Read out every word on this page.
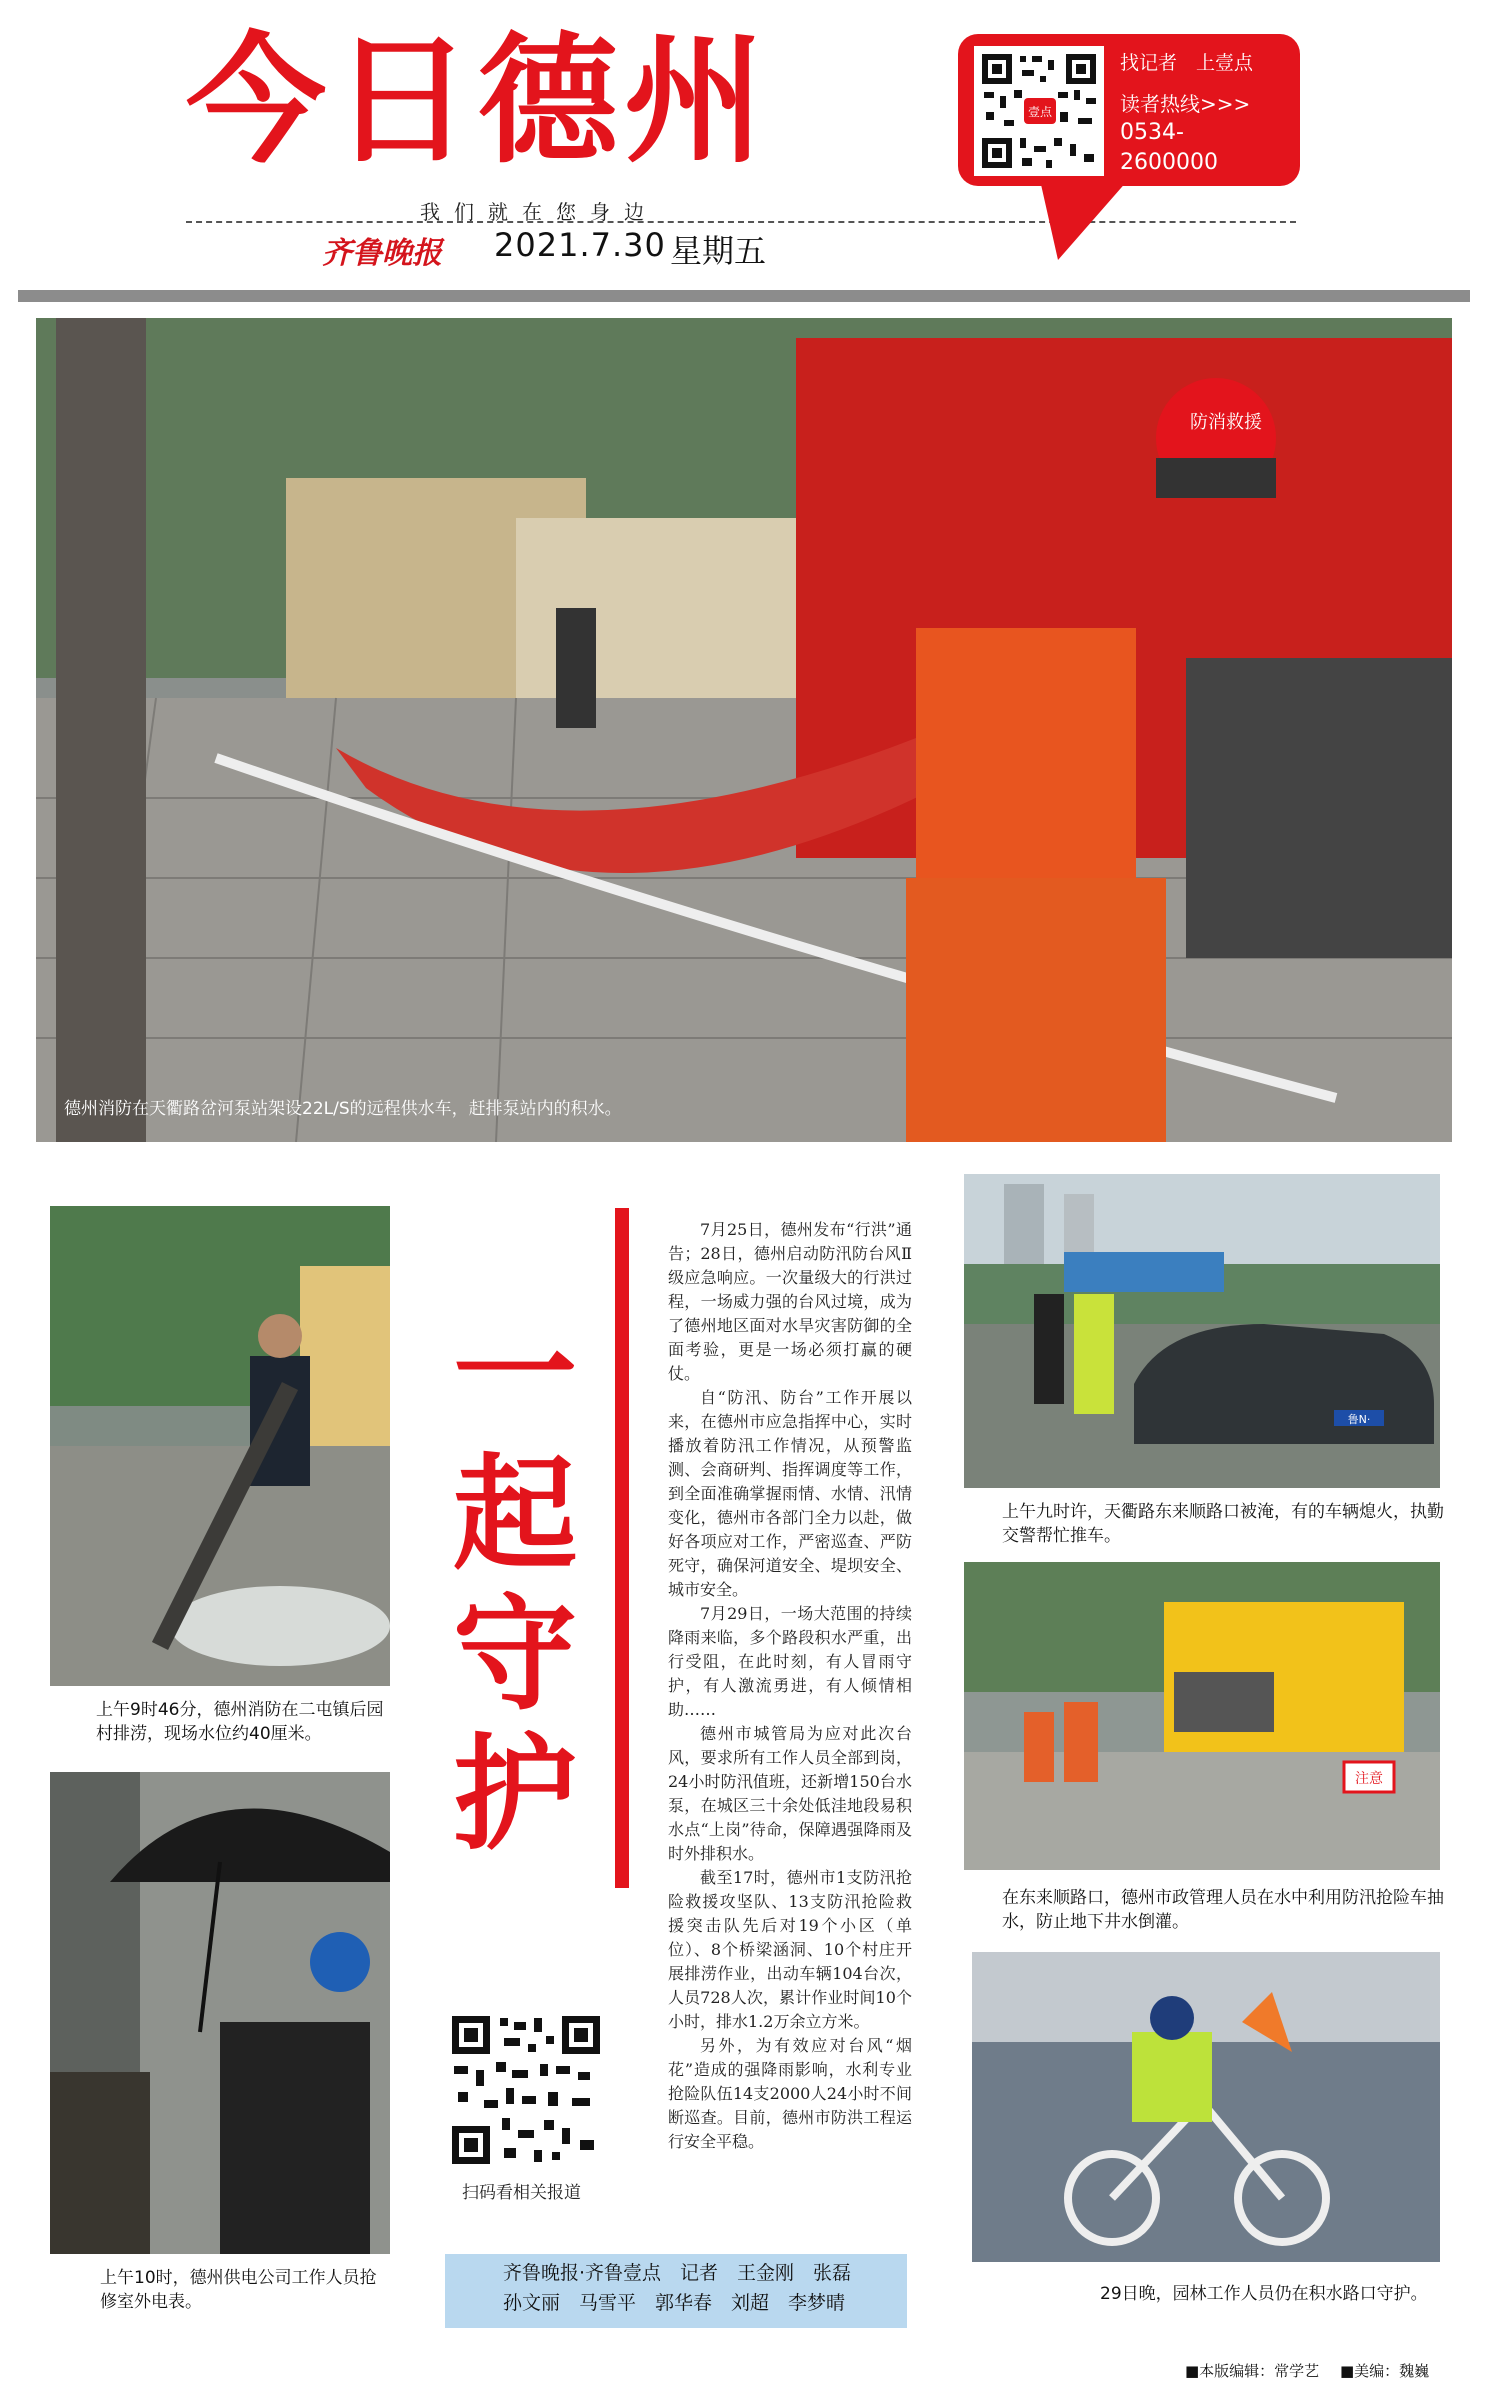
今日德州
我们就在您身边
齐鲁晚报 2021.7.30 星期五
壹点
找记者　上壹点
读者热线>>>
0534-
2600000
防消救援
德州消防在天衢路岔河泵站架设22L/S的远程供水车，赶排泵站内的积水。
上午9时46分，德州消防在二屯镇后园村排涝，现场水位约40厘米。
上午10时，德州供电公司工作人员抢修室外电表。
一
起
守
护

7月25日，德州发布“行洪”通告；28日，德州启动防汛防台风Ⅱ级应急响应。一次量级大的行洪过程，一场威力强的台风过境，成为了德州地区面对水旱灾害防御的全面考验，更是一场必须打赢的硬仗。

自“防汛、防台”工作开展以来，在德州市应急指挥中心，实时播放着防汛工作情况，从预警监测、会商研判、指挥调度等工作，到全面准确掌握雨情、水情、汛情变化，德州市各部门全力以赴，做好各项应对工作，严密巡查、严防死守，确保河道安全、堤坝安全、城市安全。

7月29日，一场大范围的持续降雨来临，多个路段积水严重，出行受阻，在此时刻，有人冒雨守护，有人激流勇进，有人倾情相助……

德州市城管局为应对此次台风，要求所有工作人员全部到岗，24小时防汛值班，还新增150台水泵，在城区三十余处低洼地段易积水点“上岗”待命，保障遇强降雨及时外排积水。

截至17时，德州市1支防汛抢险救援攻坚队、13支防汛抢险救援突击队先后对19个小区（单位）、8个桥梁涵洞、10个村庄开展排涝作业，出动车辆104台次，人员728人次，累计作业时间10个小时，排水1.2万余立方米。

另外，为有效应对台风“烟花”造成的强降雨影响，水利专业抢险队伍14支2000人24小时不间断巡查。目前，德州市防洪工程运行安全平稳。

扫码看相关报道
齐鲁晚报·齐鲁壹点　记者　王金刚　张磊
孙文丽　马雪平　郭华春　刘超　李梦晴
鲁N·
上午九时许，天衢路东来顺路口被淹，有的车辆熄火，执勤交警帮忙推车。
注意
在东来顺路口，德州市政管理人员在水中利用防汛抢险车抽水，防止地下井水倒灌。
29日晚，园林工作人员仍在积水路口守护。
■本版编辑：常学艺 ■美编：魏巍
